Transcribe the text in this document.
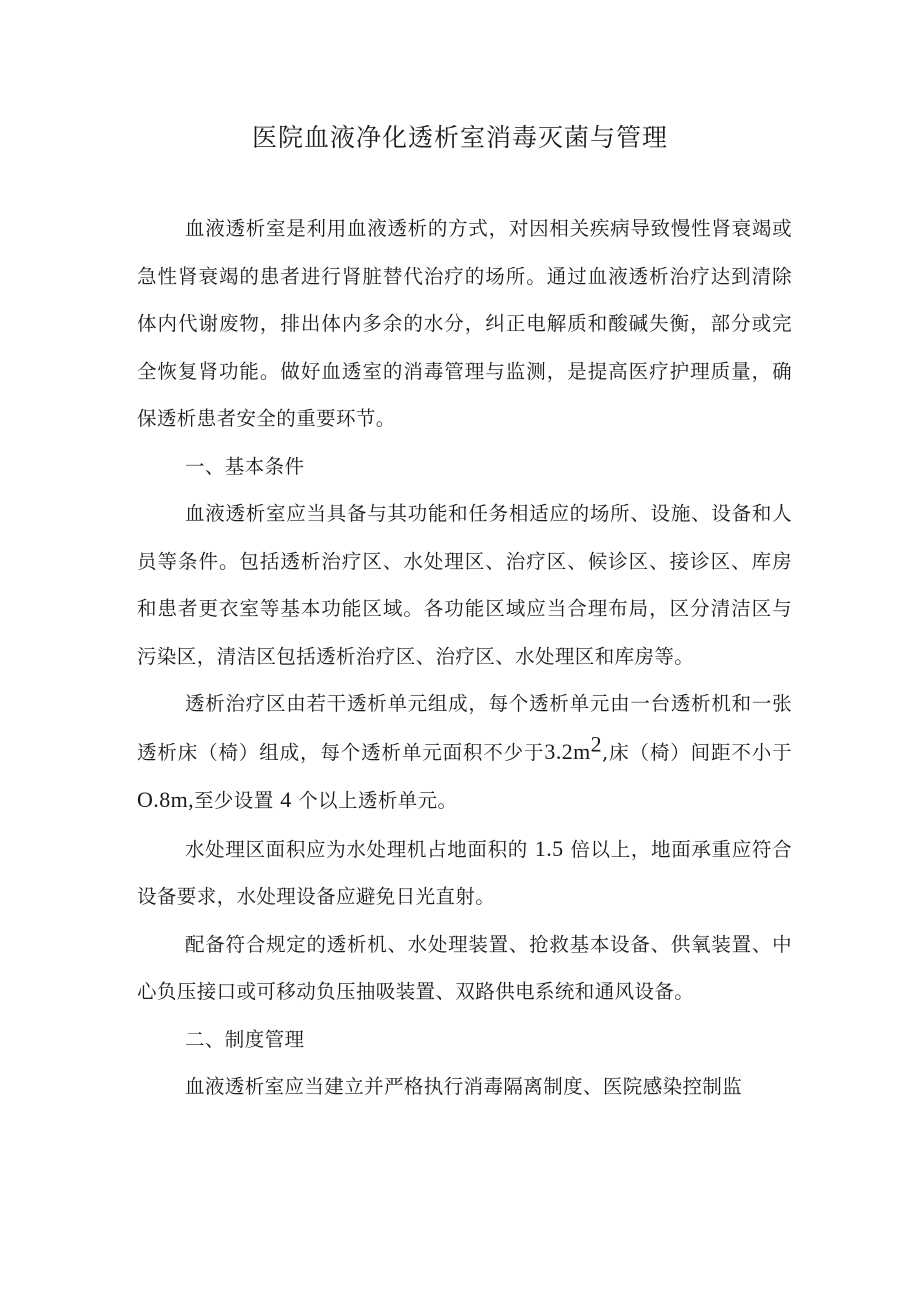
医院血液净化透析室消毒灭菌与管理

血液透析室是利用血液透析的方式，对因相关疾病导致慢性肾衰竭或急性肾衰竭的患者进行肾脏替代治疗的场所。通过血液透析治疗达到清除体内代谢废物，排出体内多余的水分，纠正电解质和酸碱失衡，部分或完全恢复肾功能。做好血透室的消毒管理与监测，是提高医疗护理质量，确保透析患者安全的重要环节。

一、基本条件

血液透析室应当具备与其功能和任务相适应的场所、设施、设备和人员等条件。包括透析治疗区、水处理区、治疗区、候诊区、接诊区、库房和患者更衣室等基本功能区域。各功能区域应当合理布局，区分清洁区与污染区，清洁区包括透析治疗区、治疗区、水处理区和库房等。

透析治疗区由若干透析单元组成，每个透析单元由一台透析机和一张透析床（椅）组成，每个透析单元面积不少于$3.2m^2$,床（椅）间距不小于O.8m,至少设置 4 个以上透析单元。

水处理区面积应为水处理机占地面积的 1.5 倍以上，地面承重应符合设备要求，水处理设备应避免日光直射。

配备符合规定的透析机、水处理装置、抢救基本设备、供氧装置、中心负压接口或可移动负压抽吸装置、双路供电系统和通风设备。

二、制度管理

血液透析室应当建立并严格执行消毒隔离制度、医院感染控制监
